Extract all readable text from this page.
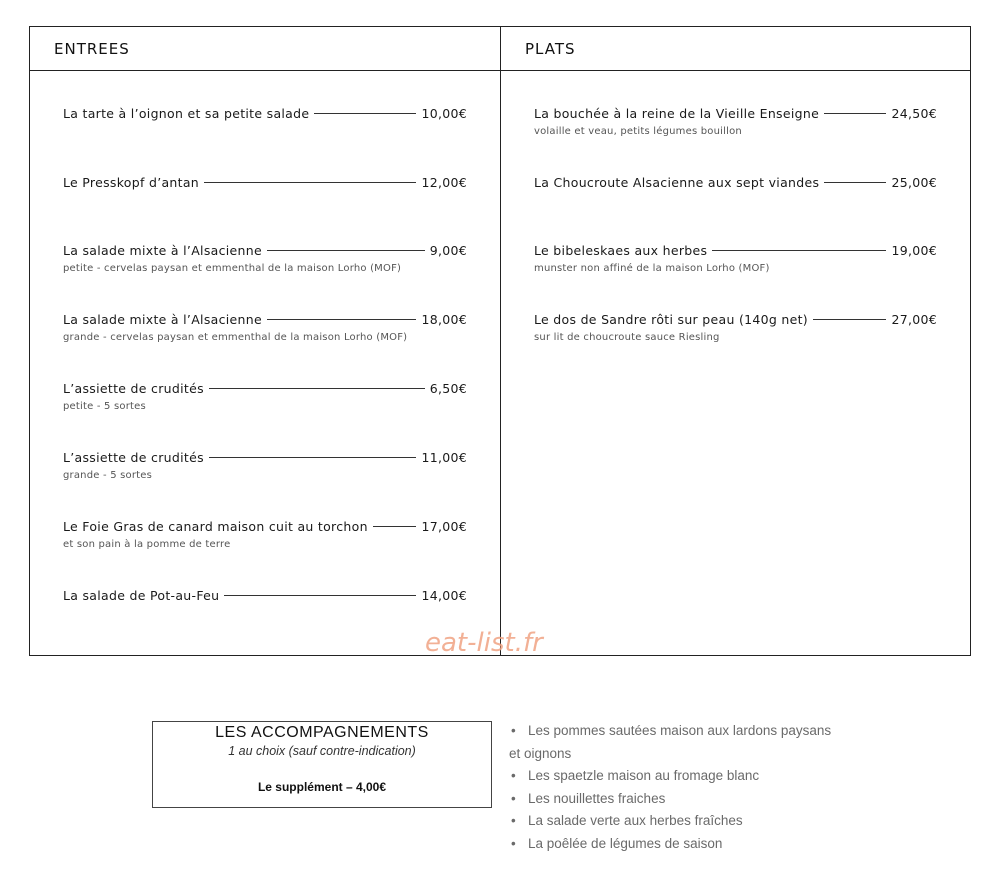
ENTREES
La tarte à l’oignon et sa petite salade	10,00€
Le Presskopf d’antan	12,00€
La salade mixte à l’Alsacienne	9,00€
petite - cervelas paysan et emmenthal de la maison Lorho (MOF)
La salade mixte à l’Alsacienne	18,00€
grande - cervelas paysan et emmenthal de la maison Lorho (MOF)
L’assiette de crudités	6,50€
petite - 5 sortes
L’assiette de crudités	11,00€
grande - 5 sortes
Le Foie Gras de canard maison cuit au torchon	17,00€
et son pain à la pomme de terre
La salade de Pot-au-Feu	14,00€
PLATS
La bouchée à la reine de la Vieille Enseigne	24,50€
volaille et veau, petits légumes bouillon
La Choucroute Alsacienne aux sept viandes	25,00€
Le bibeleskaes aux herbes	19,00€
munster non affiné de la maison Lorho (MOF)
Le dos de Sandre rôti sur peau (140g net)	27,00€
sur lit de choucroute sauce Riesling
eat-list.fr
LES ACCOMPAGNEMENTS
1 au choix (sauf contre-indication)
Le supplément – 4,00€
• Les pommes sautées maison aux lardons paysans
et oignons
• Les spaetzle maison au fromage blanc
• Les nouillettes fraiches
• La salade verte aux herbes fraîches
• La poêlée de légumes de saison
